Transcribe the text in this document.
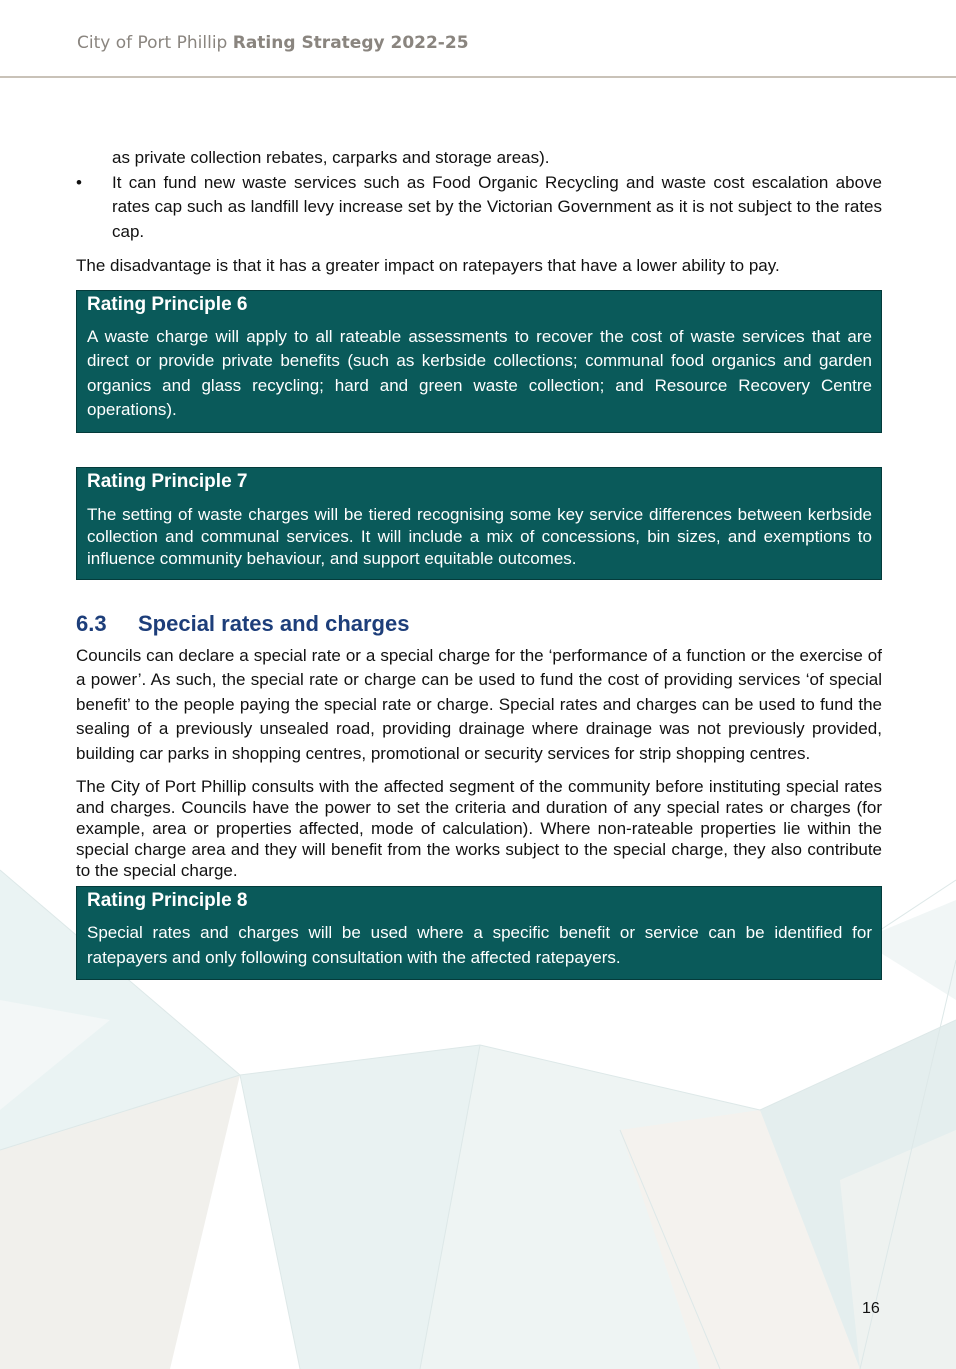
City of Port Phillip Rating Strategy 2022-25

as private collection rebates, carparks and storage areas).

• It can fund new waste services such as Food Organic Recycling and waste cost escalation above rates cap such as landfill levy increase set by the Victorian Government as it is not subject to the rates cap.

The disadvantage is that it has a greater impact on ratepayers that have a lower ability to pay.

Rating Principle 6
A waste charge will apply to all rateable assessments to recover the cost of waste services that are direct or provide private benefits (such as kerbside collections; communal food organics and garden organics and glass recycling; hard and green waste collection; and Resource Recovery Centre operations).
Rating Principle 7
The setting of waste charges will be tiered recognising some key service differences between kerbside collection and communal services. It will include a mix of concessions, bin sizes, and exemptions to influence community behaviour, and support equitable outcomes.
6.3 Special rates and charges

Councils can declare a special rate or a special charge for the ‘performance of a function or the exercise of a power’. As such, the special rate or charge can be used to fund the cost of providing services ‘of special benefit’ to the people paying the special rate or charge. Special rates and charges can be used to fund the sealing of a previously unsealed road, providing drainage where drainage was not previously provided, building car parks in shopping centres, promotional or security services for strip shopping centres.

The City of Port Phillip consults with the affected segment of the community before instituting special rates and charges. Councils have the power to set the criteria and duration of any special rates or charges (for example, area or properties affected, mode of calculation). Where non-rateable properties lie within the special charge area and they will benefit from the works subject to the special charge, they also contribute to the special charge.

Rating Principle 8
Special rates and charges will be used where a specific benefit or service can be identified for ratepayers and only following consultation with the affected ratepayers.
16
